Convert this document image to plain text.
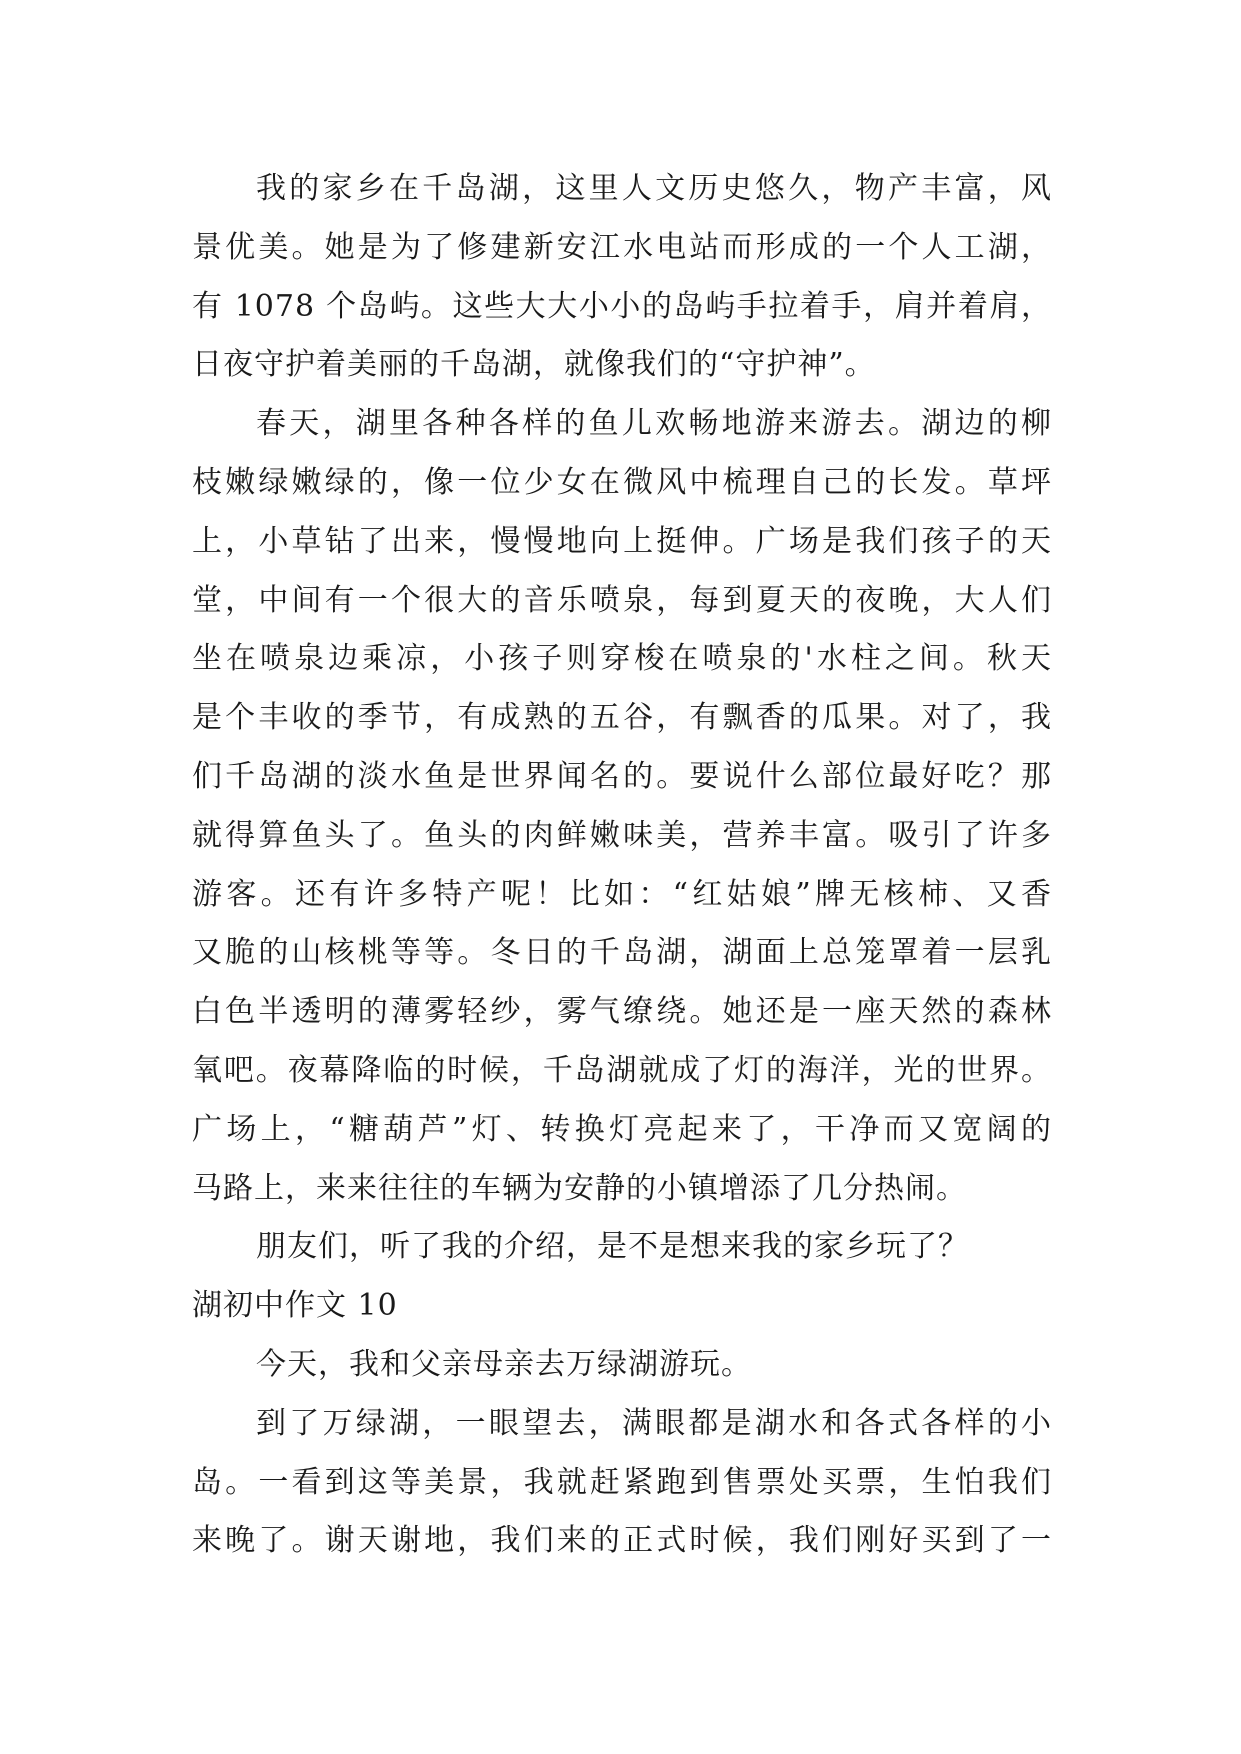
我的家乡在千岛湖，这里人文历史悠久，物产丰富，风
景优美。她是为了修建新安江水电站而形成的一个人工湖，
有 1078 个岛屿。这些大大小小的岛屿手拉着手，肩并着肩，
日夜守护着美丽的千岛湖，就像我们的“守护神”。
春天，湖里各种各样的鱼儿欢畅地游来游去。湖边的柳
枝嫩绿嫩绿的，像一位少女在微风中梳理自己的长发。草坪
上，小草钻了出来，慢慢地向上挺伸。广场是我们孩子的天
堂，中间有一个很大的音乐喷泉，每到夏天的夜晚，大人们
坐在喷泉边乘凉，小孩子则穿梭在喷泉的'水柱之间。秋天
是个丰收的季节，有成熟的五谷，有飘香的瓜果。对了，我
们千岛湖的淡水鱼是世界闻名的。要说什么部位最好吃？那
就得算鱼头了。鱼头的肉鲜嫩味美，营养丰富。吸引了许多
游客。还有许多特产呢！比如：“红姑娘”牌无核柿、又香
又脆的山核桃等等。冬日的千岛湖，湖面上总笼罩着一层乳
白色半透明的薄雾轻纱，雾气缭绕。她还是一座天然的森林
氧吧。夜幕降临的时候，千岛湖就成了灯的海洋，光的世界。
广场上，“糖葫芦”灯、转换灯亮起来了，干净而又宽阔的
马路上，来来往往的车辆为安静的小镇增添了几分热闹。
朋友们，听了我的介绍，是不是想来我的家乡玩了？
湖初中作文 10
今天，我和父亲母亲去万绿湖游玩。
到了万绿湖，一眼望去，满眼都是湖水和各式各样的小
岛。一看到这等美景，我就赶紧跑到售票处买票，生怕我们
来晚了。谢天谢地，我们来的正式时候，我们刚好买到了一
